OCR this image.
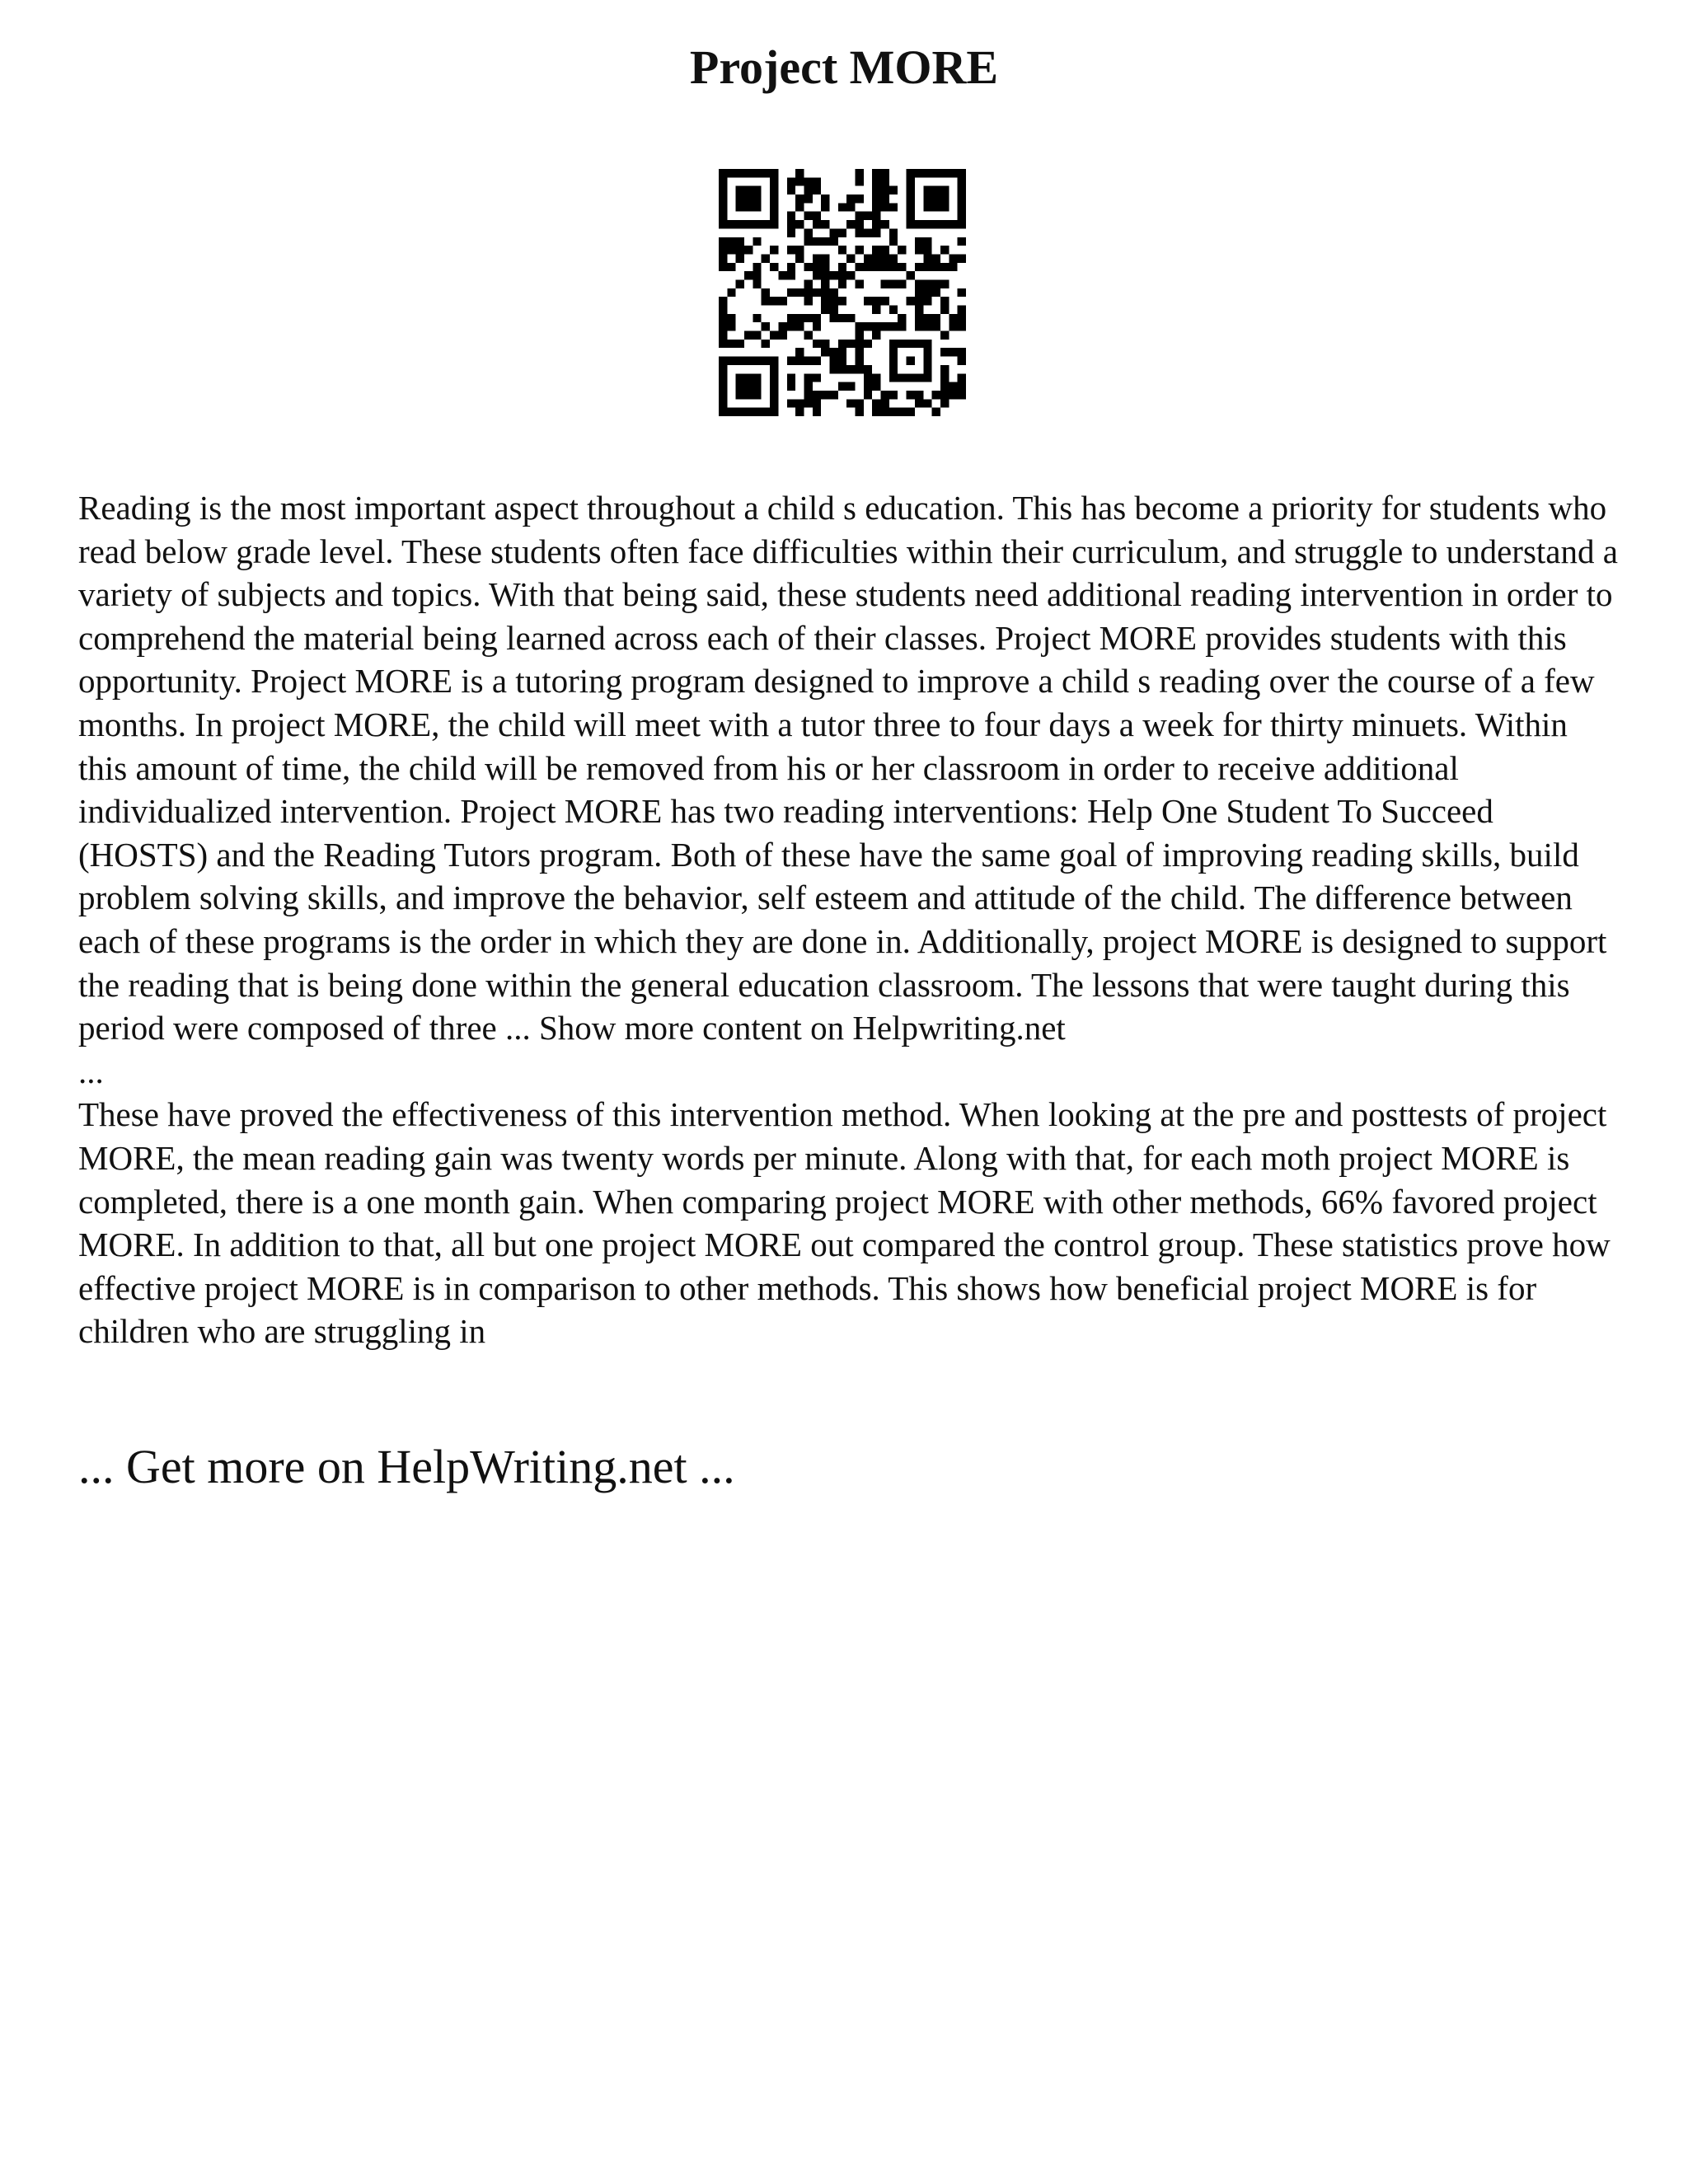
Project MORE

Reading is the most important aspect throughout a child s education. This has become a priority for students who read below grade level. These students often face difficulties within their curriculum, and struggle to understand a variety of subjects and topics. With that being said, these students need additional reading intervention in order to comprehend the material being learned across each of their classes. Project MORE provides students with this opportunity. Project MORE is a tutoring program designed to improve a child s reading over the course of a few months. In project MORE, the child will meet with a tutor three to four days a week for thirty minuets. Within this amount of time, the child will be removed from his or her classroom in order to receive additional individualized intervention. Project MORE has two reading interventions: Help One Student To Succeed (HOSTS) and the Reading Tutors program. Both of these have the same goal of improving reading skills, build problem solving skills, and improve the behavior, self esteem and attitude of the child. The difference between each of these programs is the order in which they are done in. Additionally, project MORE is designed to support the reading that is being done within the general education classroom. The lessons that were taught during this period were composed of three ... Show more content on Helpwriting.net

...

These have proved the effectiveness of this intervention method. When looking at the pre and posttests of project MORE, the mean reading gain was twenty words per minute. Along with that, for each moth project MORE is completed, there is a one month gain. When comparing project MORE with other methods, 66% favored project MORE. In addition to that, all but one project MORE out compared the control group. These statistics prove how effective project MORE is in comparison to other methods. This shows how beneficial project MORE is for children who are struggling in

... Get more on HelpWriting.net ...
